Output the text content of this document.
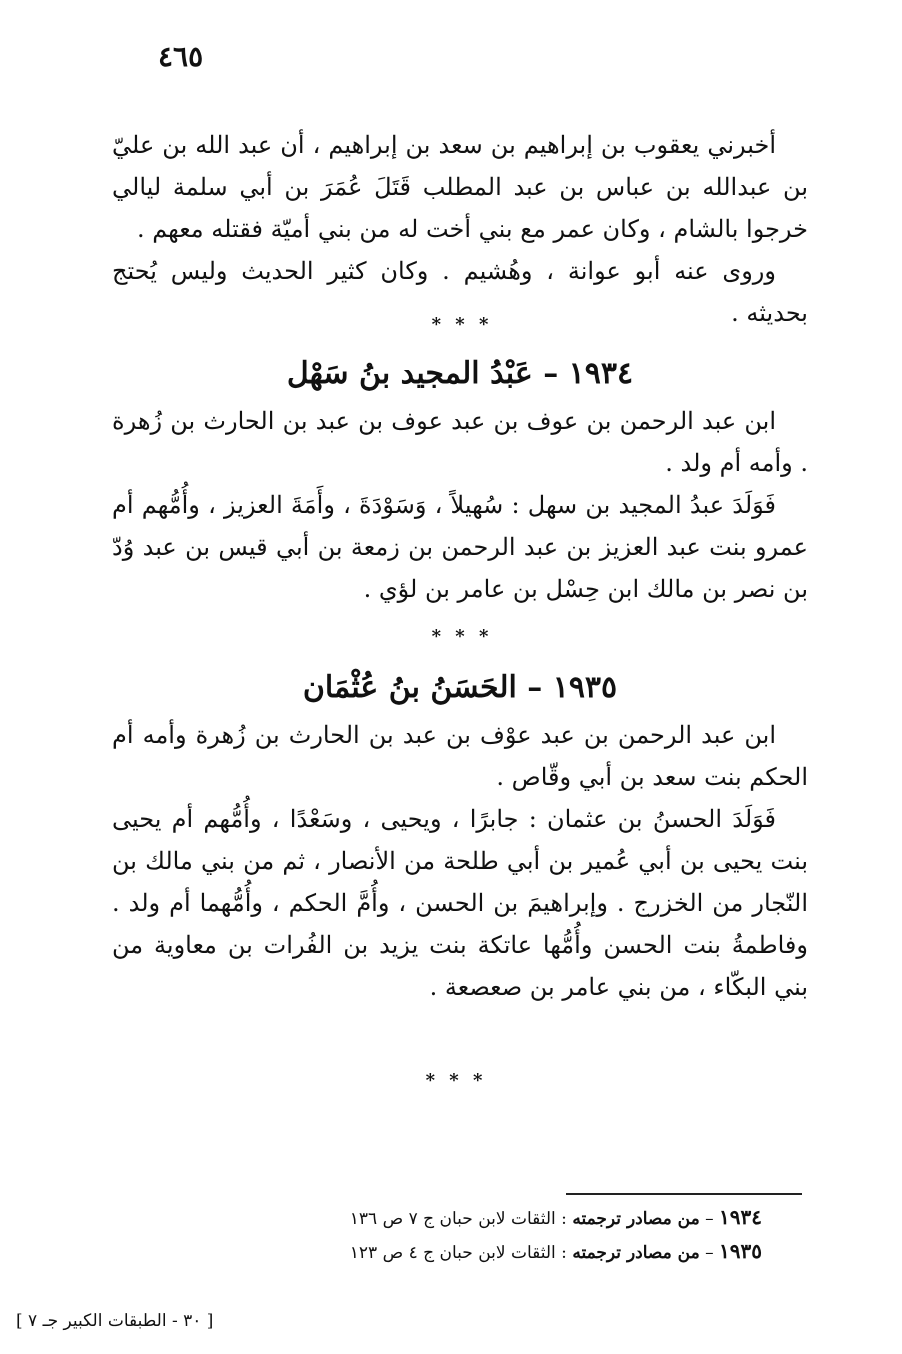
٤٦٥

أخبرني يعقوب بن إبراهيم بن سعد بن إبراهيم ، أن عبد الله بن عليّ بن عبدالله بن عباس بن عبد المطلب قَتَلَ عُمَرَ بن أبي سلمة ليالي خرجوا بالشام ، وكان عمر مع بني أخت له من بني أميّة فقتله معهم .

وروى عنه أبو عوانة ، وهُشيم . وكان كثير الحديث وليس يُحتج بحديثه .

* * *
١٩٣٤ – عَبْدُ المجيد بنُ سَهْل

ابن عبد الرحمن بن عوف بن عبد عوف بن عبد بن الحارث بن زُهرة . وأمه أم ولد .

فَوَلَدَ عبدُ المجيد بن سهل : سُهيلاً ، وَسَوْدَةَ ، وأَمَةَ العزيز ، وأُمُّهم أم عمرو بنت عبد العزيز بن عبد الرحمن بن زمعة بن أبي قيس بن عبد وُدّ بن نصر بن مالك ابن حِسْل بن عامر بن لؤي .

* * *
١٩٣٥ – الحَسَنُ بنُ عُثْمَان

ابن عبد الرحمن بن عبد عوْف بن عبد بن الحارث بن زُهرة وأمه أم الحكم بنت سعد بن أبي وقّاص .

فَوَلَدَ الحسنُ بن عثمان : جابرًا ، ويحيى ، وسَعْدًا ، وأُمُّهم أم يحيى بنت يحيى بن أبي عُمير بن أبي طلحة من الأنصار ، ثم من بني مالك بن النّجار من الخزرج . وإبراهيمَ بن الحسن ، وأُمَّ الحكم ، وأُمُّهما أم ولد . وفاطمةُ بنت الحسن وأُمُّها عاتكة بنت يزيد بن الفُرات بن معاوية من بني البكّاء ، من بني عامر بن صعصعة .

* * *
١٩٣٤ – من مصادر ترجمته : الثقات لابن حبان ج ٧ ص ١٣٦
١٩٣٥ – من مصادر ترجمته : الثقات لابن حبان ج ٤ ص ١٢٣
[ ٣٠ - الطبقات الكبير جـ ٧ ]
